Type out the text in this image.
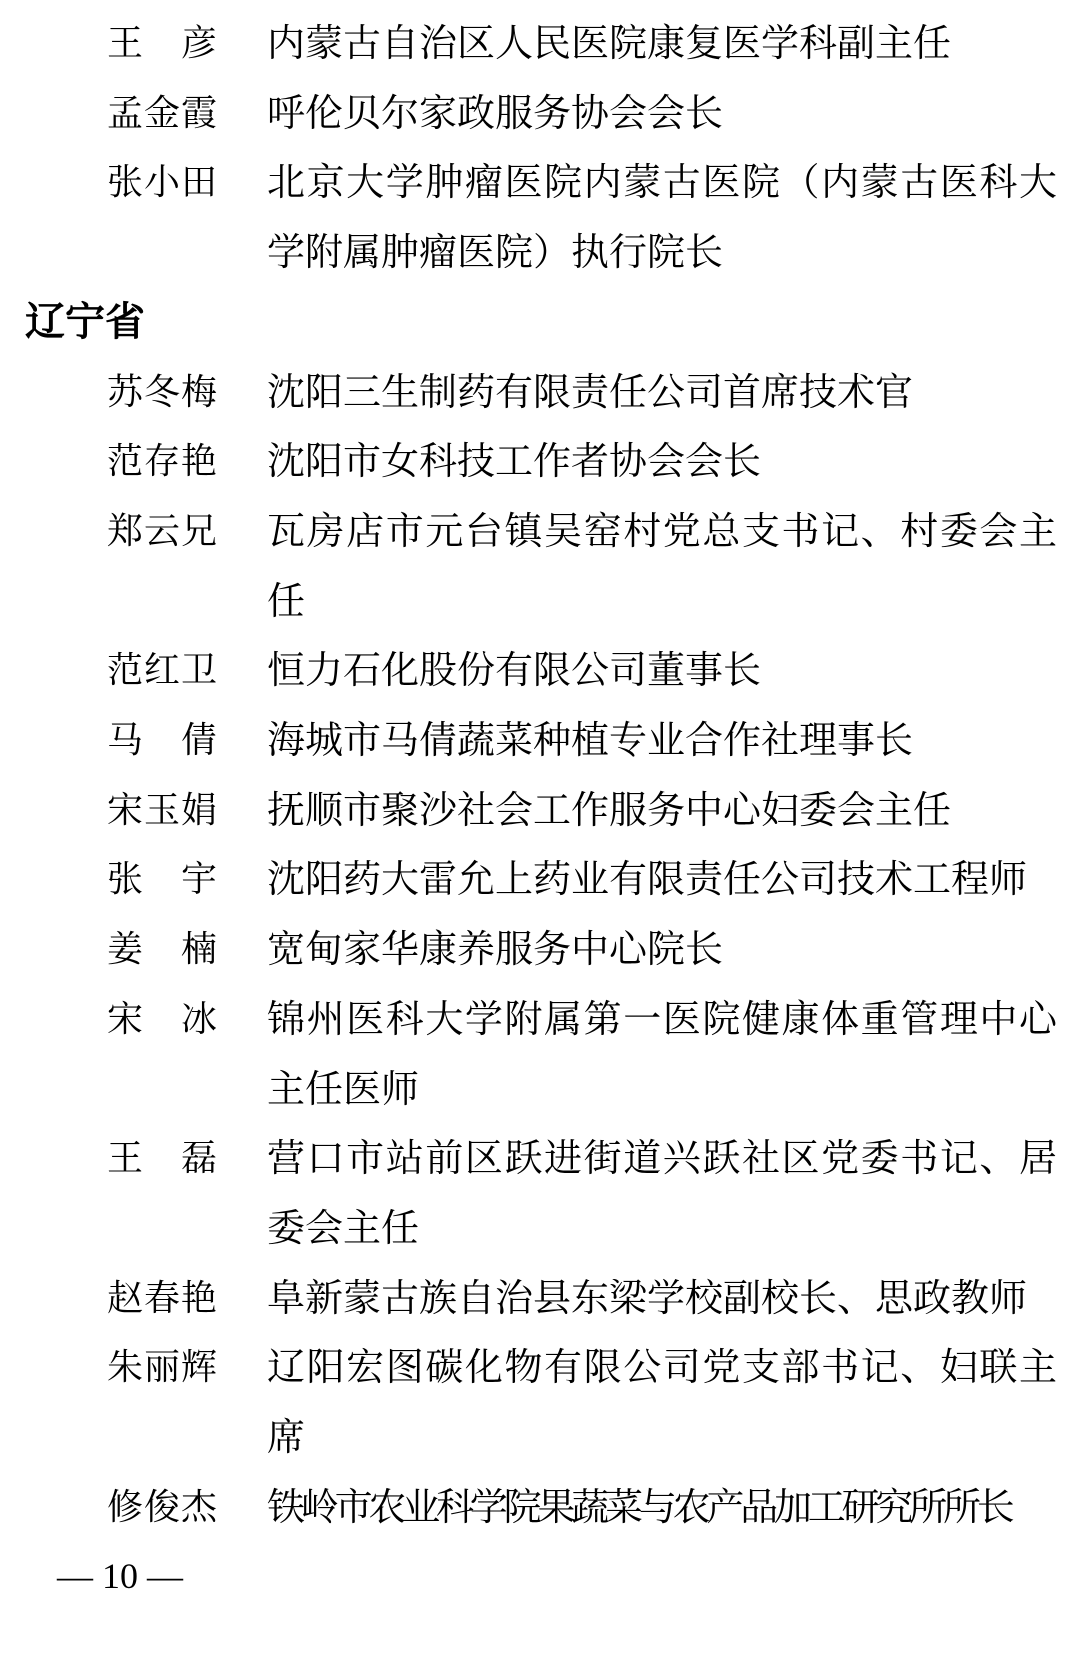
王　彦 内蒙古自治区人民医院康复医学科副主任
孟金霞 呼伦贝尔家政服务协会会长
张小田 北京大学肿瘤医院内蒙古医院（内蒙古医科大学附属肿瘤医院）执行院长
辽宁省
苏冬梅 沈阳三生制药有限责任公司首席技术官
范存艳 沈阳市女科技工作者协会会长
郑云兄 瓦房店市元台镇吴窑村党总支书记、村委会主任
范红卫 恒力石化股份有限公司董事长
马　倩 海城市马倩蔬菜种植专业合作社理事长
宋玉娟 抚顺市聚沙社会工作服务中心妇委会主任
张　宇 沈阳药大雷允上药业有限责任公司技术工程师
姜　楠 宽甸家华康养服务中心院长
宋　冰 锦州医科大学附属第一医院健康体重管理中心主任医师
王　磊 营口市站前区跃进街道兴跃社区党委书记、居委会主任
赵春艳 阜新蒙古族自治县东梁学校副校长、思政教师
朱丽辉 辽阳宏图碳化物有限公司党支部书记、妇联主席
修俊杰 铁岭市农业科学院果蔬菜与农产品加工研究所所长
— 10 —
